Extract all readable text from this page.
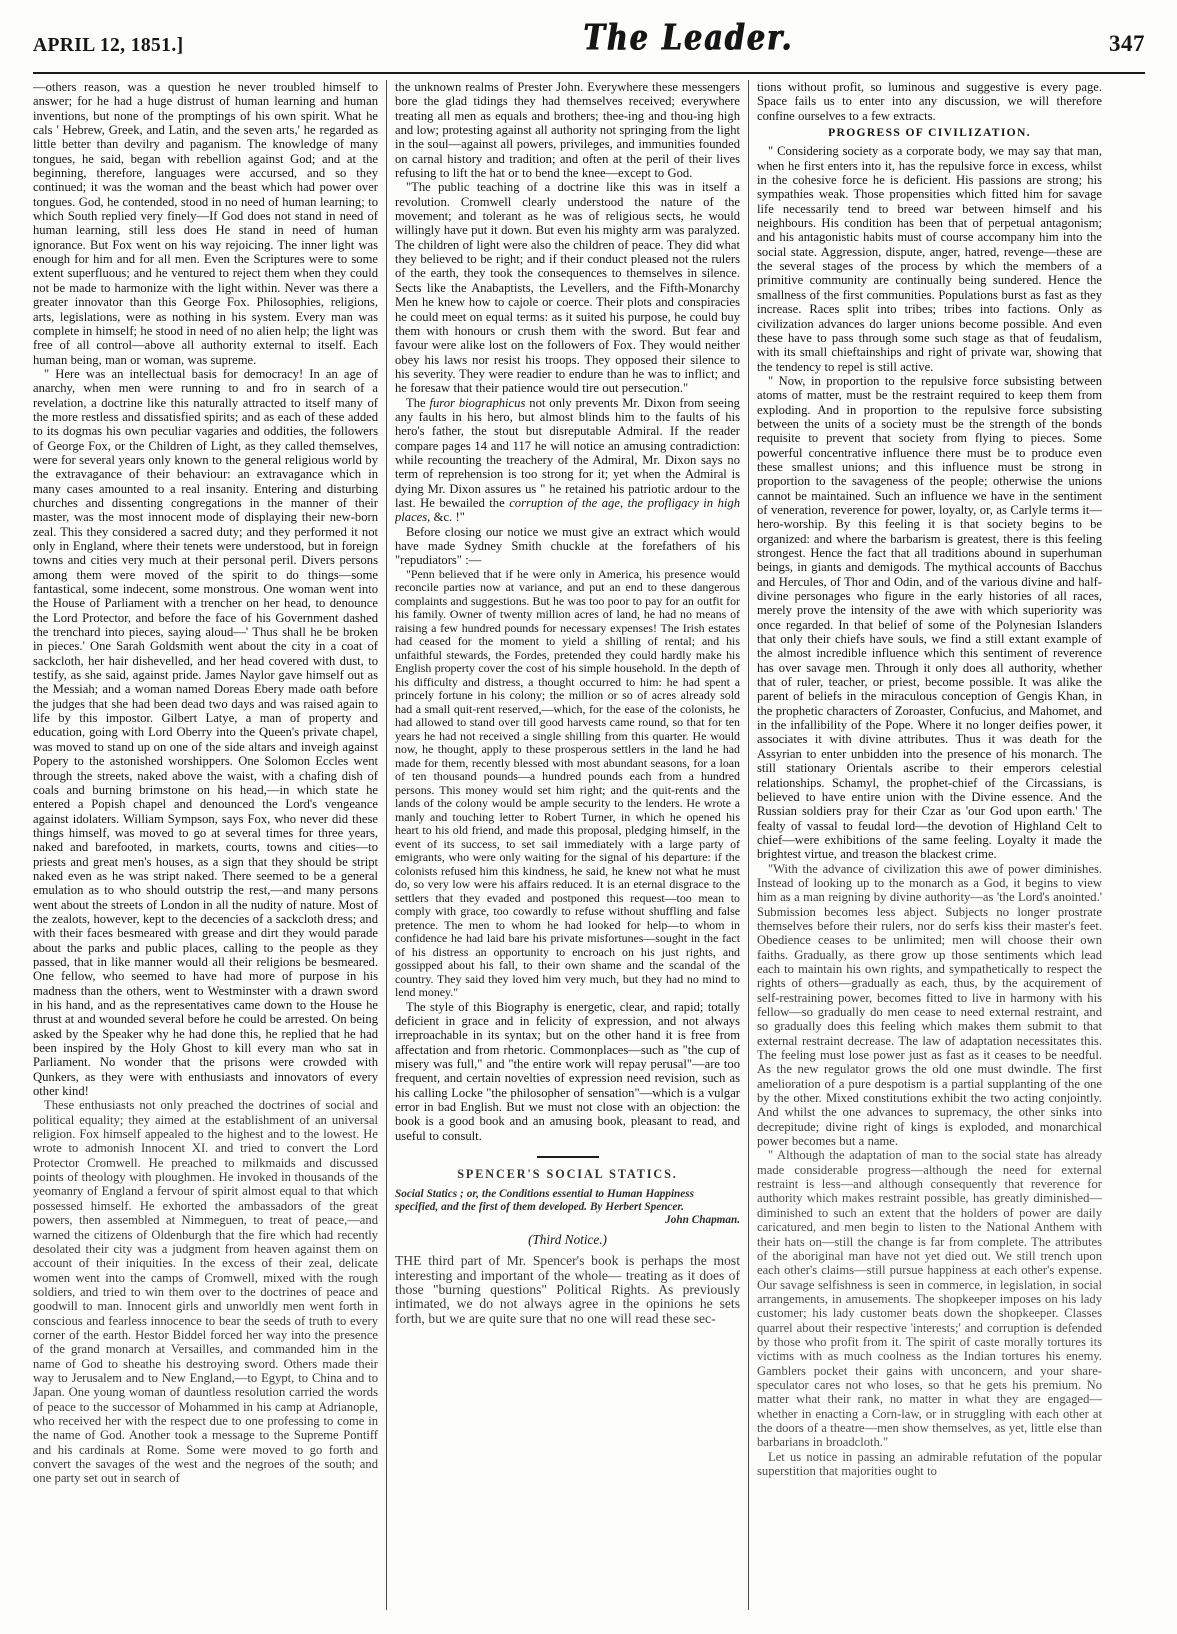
APRIL 12, 1851.]	The Leader.	347

—others reason, was a question he never troubled himself to answer; for he had a huge distrust of human learning and human inventions, but none of the promptings of his own spirit. What he cals ' Hebrew, Greek, and Latin, and the seven arts,' he regarded as little better than devilry and paganism. The knowledge of many tongues, he said, began with rebellion against God; and at the beginning, therefore, languages were accursed, and so they continued; it was the woman and the beast which had power over tongues. God, he contended, stood in no need of human learning; to which South replied very finely—If God does not stand in need of human learning, still less does He stand in need of human ignorance. But Fox went on his way rejoicing. The inner light was enough for him and for all men. Even the Scriptures were to some extent superfluous; and he ventured to reject them when they could not be made to harmonize with the light within. Never was there a greater innovator than this George Fox. Philosophies, religions, arts, legislations, were as nothing in his system. Every man was complete in himself; he stood in need of no alien help; the light was free of all control—above all authority external to itself. Each human being, man or woman, was supreme.

" Here was an intellectual basis for democracy! In an age of anarchy, when men were running to and fro in search of a revelation, a doctrine like this naturally attracted to itself many of the more restless and dissatisfied spirits; and as each of these added to its dogmas his own peculiar vagaries and oddities, the followers of George Fox, or the Children of Light, as they called themselves, were for several years only known to the general religious world by the extravagance of their behaviour: an extravagance which in many cases amounted to a real insanity. Entering and disturbing churches and dissenting congregations in the manner of their master, was the most innocent mode of displaying their new-born zeal. This they considered a sacred duty; and they performed it not only in England, where their tenets were understood, but in foreign towns and cities very much at their personal peril. Divers persons among them were moved of the spirit to do things—some fantastical, some indecent, some monstrous. One woman went into the House of Parliament with a trencher on her head, to denounce the Lord Protector, and before the face of his Government dashed the trenchard into pieces, saying aloud—' Thus shall he be broken in pieces.' One Sarah Goldsmith went about the city in a coat of sackcloth, her hair dishevelled, and her head covered with dust, to testify, as she said, against pride. James Naylor gave himself out as the Messiah; and a woman named Doreas Ebery made oath before the judges that she had been dead two days and was raised again to life by this impostor. Gilbert Latye, a man of property and education, going with Lord Oberry into the Queen's private chapel, was moved to stand up on one of the side altars and inveigh against Popery to the astonished worshippers. One Solomon Eccles went through the streets, naked above the waist, with a chafing dish of coals and burning brimstone on his head,—in which state he entered a Popish chapel and denounced the Lord's vengeance against idolaters. William Sympson, says Fox, who never did these things himself, was moved to go at several times for three years, naked and barefooted, in markets, courts, towns and cities—to priests and great men's houses, as a sign that they should be stript naked even as he was stript naked. There seemed to be a general emulation as to who should outstrip the rest,—and many persons went about the streets of London in all the nudity of nature. Most of the zealots, however, kept to the decencies of a sackcloth dress; and with their faces besmeared with grease and dirt they would parade about the parks and public places, calling to the people as they passed, that in like manner would all their religions be besmeared. One fellow, who seemed to have had more of purpose in his madness than the others, went to Westminster with a drawn sword in his hand, and as the representatives came down to the House he thrust at and wounded several before he could be arrested. On being asked by the Speaker why he had done this, he replied that he had been inspired by the Holy Ghost to kill every man who sat in Parliament. No wonder that the prisons were crowded with Qunkers, as they were with enthusiasts and innovators of every other kind!

These enthusiasts not only preached the doctrines of social and political equality; they aimed at the establishment of an universal religion. Fox himself appealed to the highest and to the lowest. He wrote to admonish Innocent XI. and tried to convert the Lord Protector Cromwell. He preached to milkmaids and discussed points of theology with ploughmen. He invoked in thousands of the yeomanry of England a fervour of spirit almost equal to that which possessed himself. He exhorted the ambassadors of the great powers, then assembled at Nimmeguen, to treat of peace,—and warned the citizens of Oldenburgh that the fire which had recently desolated their city was a judgment from heaven against them on account of their iniquities. In the excess of their zeal, delicate women went into the camps of Cromwell, mixed with the rough soldiers, and tried to win them over to the doctrines of peace and goodwill to man. Innocent girls and unworldly men went forth in conscious and fearless innocence to bear the seeds of truth to every corner of the earth. Hestor Biddel forced her way into the presence of the grand monarch at Versailles, and commanded him in the name of God to sheathe his destroying sword. Others made their way to Jerusalem and to New England,—to Egypt, to China and to Japan. One young woman of dauntless resolution carried the words of peace to the successor of Mohammed in his camp at Adrianople, who received her with the respect due to one professing to come in the name of God. Another took a message to the Supreme Pontiff and his cardinals at Rome. Some were moved to go forth and convert the savages of the west and the negroes of the south; and one party set out in search of

the unknown realms of Prester John. Everywhere these messengers bore the glad tidings they had themselves received; everywhere treating all men as equals and brothers; thee-ing and thou-ing high and low; protesting against all authority not springing from the light in the soul—against all powers, privileges, and immunities founded on carnal history and tradition; and often at the peril of their lives refusing to lift the hat or to bend the knee—except to God.

"The public teaching of a doctrine like this was in itself a revolution. Cromwell clearly understood the nature of the movement; and tolerant as he was of religious sects, he would willingly have put it down. But even his mighty arm was paralyzed. The children of light were also the children of peace. They did what they believed to be right; and if their conduct pleased not the rulers of the earth, they took the consequences to themselves in silence. Sects like the Anabaptists, the Levellers, and the Fifth-Monarchy Men he knew how to cajole or coerce. Their plots and conspiracies he could meet on equal terms: as it suited his purpose, he could buy them with honours or crush them with the sword. But fear and favour were alike lost on the followers of Fox. They would neither obey his laws nor resist his troops. They opposed their silence to his severity. They were readier to endure than he was to inflict; and he foresaw that their patience would tire out persecution."

The furor biographicus not only prevents Mr. Dixon from seeing any faults in his hero, but almost blinds him to the faults of his hero's father, the stout but disreputable Admiral. If the reader compare pages 14 and 117 he will notice an amusing contradiction: while recounting the treachery of the Admiral, Mr. Dixon says no term of reprehension is too strong for it; yet when the Admiral is dying Mr. Dixon assures us " he retained his patriotic ardour to the last. He bewailed the corruption of the age, the profligacy in high places, &c. !"

Before closing our notice we must give an extract which would have made Sydney Smith chuckle at the forefathers of his "repudiators" :—

"Penn believed that if he were only in America, his presence would reconcile parties now at variance, and put an end to these dangerous complaints and suggestions. But he was too poor to pay for an outfit for his family. Owner of twenty million acres of land, he had no means of raising a few hundred pounds for necessary expenses! The Irish estates had ceased for the moment to yield a shilling of rental; and his unfaithful stewards, the Fordes, pretended they could hardly make his English property cover the cost of his simple household. In the depth of his difficulty and distress, a thought occurred to him: he had spent a princely fortune in his colony; the million or so of acres already sold had a small quit-rent reserved,—which, for the ease of the colonists, he had allowed to stand over till good harvests came round, so that for ten years he had not received a single shilling from this quarter. He would now, he thought, apply to these prosperous settlers in the land he had made for them, recently blessed with most abundant seasons, for a loan of ten thousand pounds—a hundred pounds each from a hundred persons. This money would set him right; and the quit-rents and the lands of the colony would be ample security to the lenders. He wrote a manly and touching letter to Robert Turner, in which he opened his heart to his old friend, and made this proposal, pledging himself, in the event of its success, to set sail immediately with a large party of emigrants, who were only waiting for the signal of his departure: if the colonists refused him this kindness, he said, he knew not what he must do, so very low were his affairs reduced. It is an eternal disgrace to the settlers that they evaded and postponed this request—too mean to comply with grace, too cowardly to refuse without shuffling and false pretence. The men to whom he had looked for help—to whom in confidence he had laid bare his private misfortunes—sought in the fact of his distress an opportunity to encroach on his just rights, and gossipped about his fall, to their own shame and the scandal of the country. They said they loved him very much, but they had no mind to lend money."

The style of this Biography is energetic, clear, and rapid; totally deficient in grace and in felicity of expression, and not always irreproachable in its syntax; but on the other hand it is free from affectation and from rhetoric. Commonplaces—such as "the cup of misery was full," and "the entire work will repay perusal"—are too frequent, and certain novelties of expression need revision, such as his calling Locke "the philosopher of sensation"—which is a vulgar error in bad English. But we must not close with an objection: the book is a good book and an amusing book, pleasant to read, and useful to consult.

SPENCER'S SOCIAL STATICS.

Social Statics ; or, the Conditions essential to Human Happiness

specified, and the first of them developed. By Herbert Spencer.

John Chapman.

(Third Notice.)

THE third part of Mr. Spencer's book is perhaps the most interesting and important of the whole— treating as it does of those "burning questions" Political Rights. As previously intimated, we do not always agree in the opinions he sets forth, but we are quite sure that no one will read these sec-

tions without profit, so luminous and suggestive is every page. Space fails us to enter into any discussion, we will therefore confine ourselves to a few extracts.

PROGRESS OF CIVILIZATION.

" Considering society as a corporate body, we may say that man, when he first enters into it, has the repulsive force in excess, whilst in the cohesive force he is deficient. His passions are strong; his sympathies weak. Those propensities which fitted him for savage life necessarily tend to breed war between himself and his neighbours. His condition has been that of perpetual antagonism; and his antagonistic habits must of course accompany him into the social state. Aggression, dispute, anger, hatred, revenge—these are the several stages of the process by which the members of a primitive community are continually being sundered. Hence the smallness of the first communities. Populations burst as fast as they increase. Races split into tribes; tribes into factions. Only as civilization advances do larger unions become possible. And even these have to pass through some such stage as that of feudalism, with its small chieftainships and right of private war, showing that the tendency to repel is still active.

" Now, in proportion to the repulsive force subsisting between atoms of matter, must be the restraint required to keep them from exploding. And in proportion to the repulsive force subsisting between the units of a society must be the strength of the bonds requisite to prevent that society from flying to pieces. Some powerful concentrative influence there must be to produce even these smallest unions; and this influence must be strong in proportion to the savageness of the people; otherwise the unions cannot be maintained. Such an influence we have in the sentiment of veneration, reverence for power, loyalty, or, as Carlyle terms it—hero-worship. By this feeling it is that society begins to be organized: and where the barbarism is greatest, there is this feeling strongest. Hence the fact that all traditions abound in superhuman beings, in giants and demigods. The mythical accounts of Bacchus and Hercules, of Thor and Odin, and of the various divine and half-divine personages who figure in the early histories of all races, merely prove the intensity of the awe with which superiority was once regarded. In that belief of some of the Polynesian Islanders that only their chiefs have souls, we find a still extant example of the almost incredible influence which this sentiment of reverence has over savage men. Through it only does all authority, whether that of ruler, teacher, or priest, become possible. It was alike the parent of beliefs in the miraculous conception of Gengis Khan, in the prophetic characters of Zoroaster, Confucius, and Mahomet, and in the infallibility of the Pope. Where it no longer deifies power, it associates it with divine attributes. Thus it was death for the Assyrian to enter unbidden into the presence of his monarch. The still stationary Orientals ascribe to their emperors celestial relationships. Schamyl, the prophet-chief of the Circassians, is believed to have entire union with the Divine essence. And the Russian soldiers pray for their Czar as 'our God upon earth.' The fealty of vassal to feudal lord—the devotion of Highland Celt to chief—were exhibitions of the same feeling. Loyalty it made the brightest virtue, and treason the blackest crime.

"With the advance of civilization this awe of power diminishes. Instead of looking up to the monarch as a God, it begins to view him as a man reigning by divine authority—as 'the Lord's anointed.' Submission becomes less abject. Subjects no longer prostrate themselves before their rulers, nor do serfs kiss their master's feet. Obedience ceases to be unlimited; men will choose their own faiths. Gradually, as there grow up those sentiments which lead each to maintain his own rights, and sympathetically to respect the rights of others—gradually as each, thus, by the acquirement of self-restraining power, becomes fitted to live in harmony with his fellow—so gradually do men cease to need external restraint, and so gradually does this feeling which makes them submit to that external restraint decrease. The law of adaptation necessitates this. The feeling must lose power just as fast as it ceases to be needful. As the new regulator grows the old one must dwindle. The first amelioration of a pure despotism is a partial supplanting of the one by the other. Mixed constitutions exhibit the two acting conjointly. And whilst the one advances to supremacy, the other sinks into decrepitude; divine right of kings is exploded, and monarchical power becomes but a name.

" Although the adaptation of man to the social state has already made considerable progress—although the need for external restraint is less—and although consequently that reverence for authority which makes restraint possible, has greatly diminished—diminished to such an extent that the holders of power are daily caricatured, and men begin to listen to the National Anthem with their hats on—still the change is far from complete. The attributes of the aboriginal man have not yet died out. We still trench upon each other's claims—still pursue happiness at each other's expense. Our savage selfishness is seen in commerce, in legislation, in social arrangements, in amusements. The shopkeeper imposes on his lady customer; his lady customer beats down the shopkeeper. Classes quarrel about their respective 'interests;' and corruption is defended by those who profit from it. The spirit of caste morally tortures its victims with as much coolness as the Indian tortures his enemy. Gamblers pocket their gains with unconcern, and your share-speculator cares not who loses, so that he gets his premium. No matter what their rank, no matter in what they are engaged—whether in enacting a Corn-law, or in struggling with each other at the doors of a theatre—men show themselves, as yet, little else than barbarians in broadcloth."

Let us notice in passing an admirable refutation of the popular superstition that majorities ought to
